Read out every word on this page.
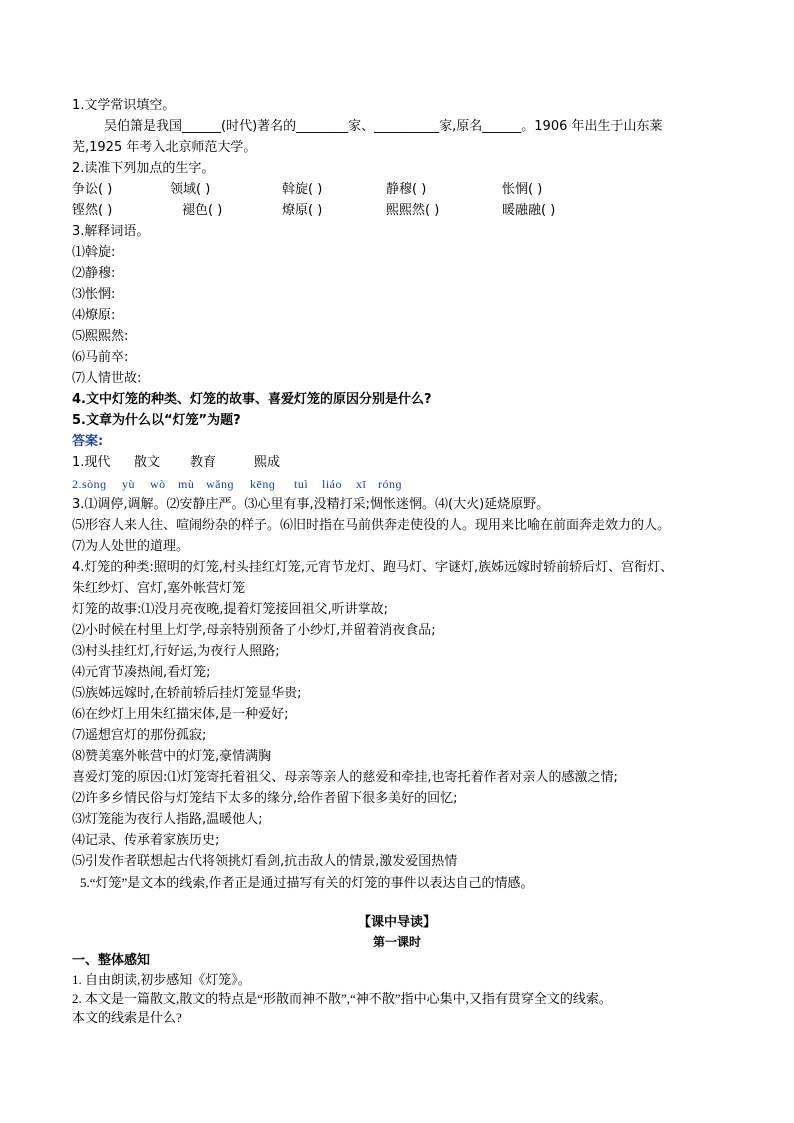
1.文学常识填空。
吴伯箫是我国______(时代)著名的________家、__________家,原名______。1906 年出生于山东莱
芜,1925 年考入北京师范大学。
2.读准下列加点的生字。
争讼( )	领域( )	斡旋( )	静穆( )	怅惘( )
铿然( )	褪色( )	燎原( )	熙熙然( )	暖融融( )
3.解释词语。
⑴斡旋:
⑵静穆:
⑶怅惘:
⑷燎原:
⑸熙熙然:
⑹马前卒:
⑺人情世故:
4.文中灯笼的种类、灯笼的故事、喜爱灯笼的原因分别是什么?
5.文章为什么以“灯笼”为题?
答案:
1.现代 散文 教育	熙成
2.sònɡ yù wò mù wǎnɡ kēnɡ tuì liáo xī rónɡ
3.⑴调停,调解。⑵安静庄严。⑶心里有事,没精打采;惆怅迷惘。⑷(大火)延烧原野。
⑸形容人来人往、喧闹纷杂的样子。⑹旧时指在马前供奔走使役的人。现用来比喻在前面奔走效力的人。
⑺为人处世的道理。
4.灯笼的种类:照明的灯笼,村头挂红灯笼,元宵节龙灯、跑马灯、字谜灯,族姊远嫁时轿前轿后灯、宫衔灯、
朱红纱灯、宫灯,塞外帐营灯笼
灯笼的故事:⑴没月亮夜晚,提着灯笼接回祖父,听讲掌故;
⑵小时候在村里上灯学,母亲特别预备了小纱灯,并留着消夜食品;
⑶村头挂红灯,行好运,为夜行人照路;
⑷元宵节凑热闹,看灯笼;
⑸族姊远嫁时,在轿前轿后挂灯笼显华贵;
⑹在纱灯上用朱红描宋体,是一种爱好;
⑺遥想宫灯的那份孤寂;
⑻赞美塞外帐营中的灯笼,豪情满胸
喜爱灯笼的原因:⑴灯笼寄托着祖父、母亲等亲人的慈爱和牵挂,也寄托着作者对亲人的感激之情;
⑵许多乡情民俗与灯笼结下太多的缘分,给作者留下很多美好的回忆;
⑶灯笼能为夜行人指路,温暖他人;
⑷记录、传承着家族历史;
⑸引发作者联想起古代将领挑灯看剑,抗击敌人的情景,激发爱国热情
5.“灯笼”是文本的线索,作者正是通过描写有关的灯笼的事件以表达自己的情感。
【课中导读】
第一课时
一、整体感知
1. 自由朗读,初步感知《灯笼》。
2. 本文是一篇散文,散文的特点是“形散而神不散”,“神不散”指中心集中,又指有贯穿全文的线索。
本文的线索是什么?
